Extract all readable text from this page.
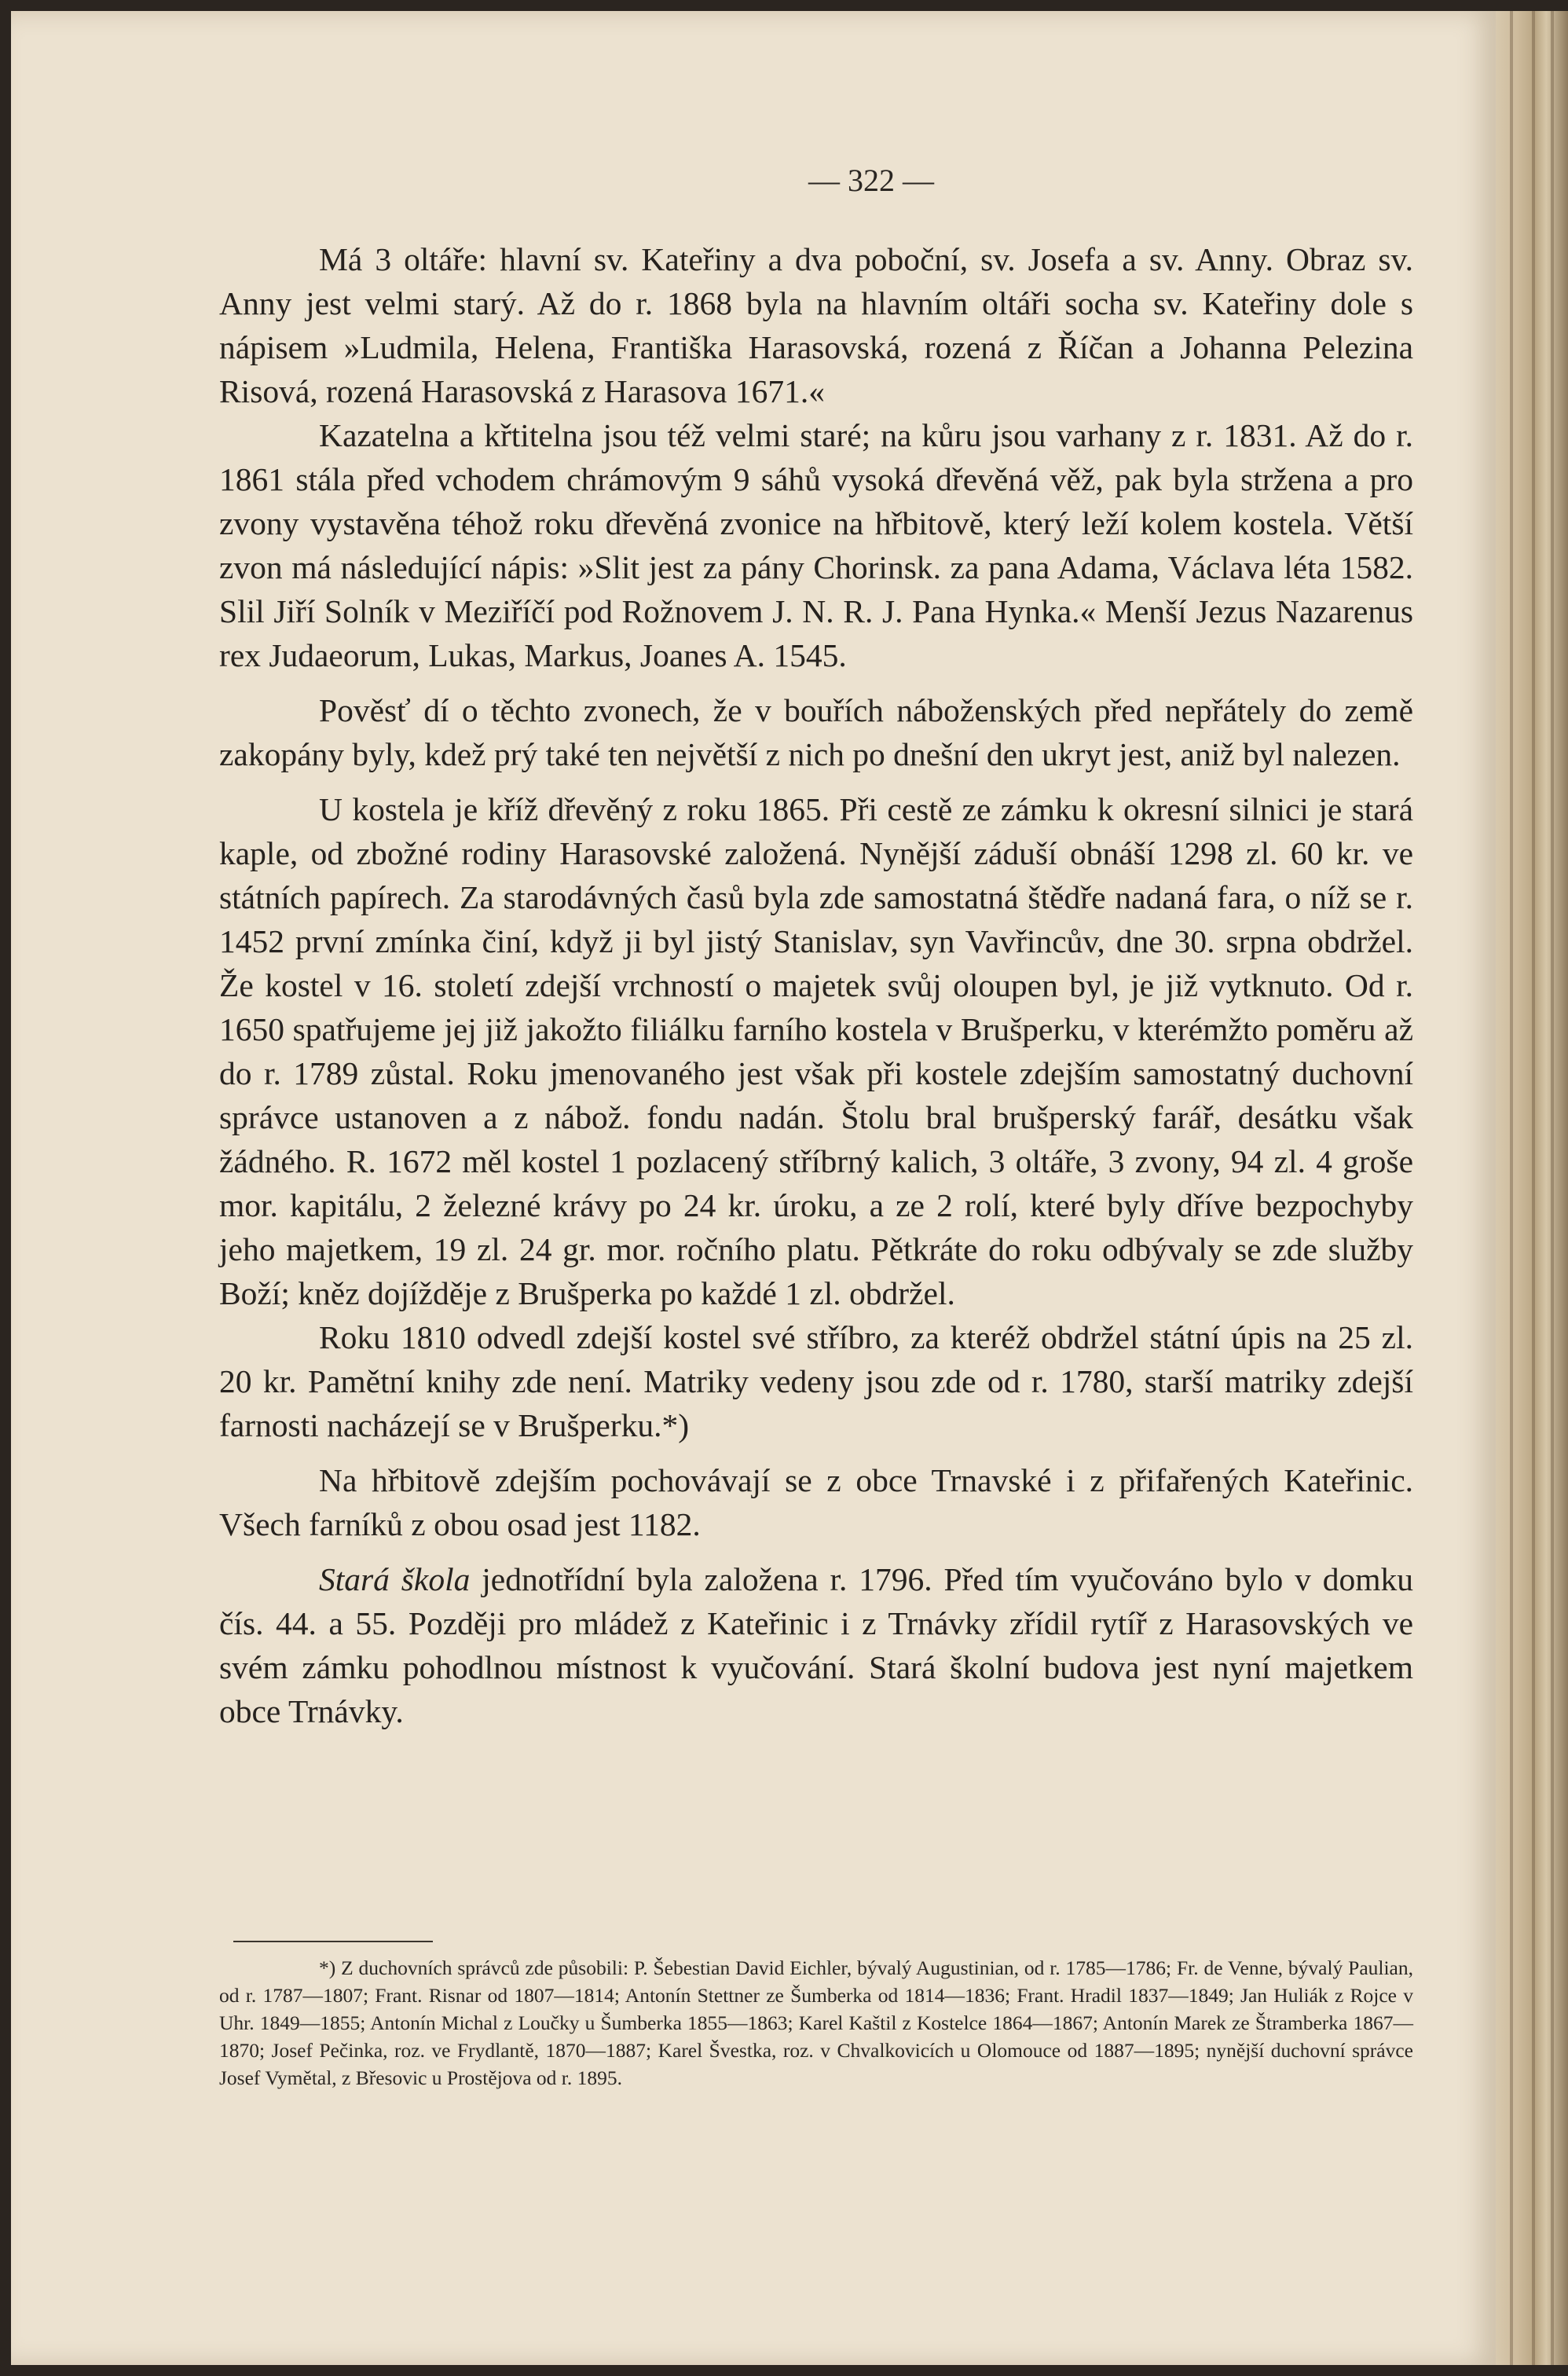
— 322 —

Má 3 oltáře: hlavní sv. Kateřiny a dva poboční, sv. Josefa a sv. Anny. Obraz sv. Anny jest velmi starý. Až do r. 1868 byla na hlavním oltáři socha sv. Kateřiny dole s nápisem »Ludmila, Helena, Františka Harasovská, rozená z Říčan a Johanna Pelezina Risová, rozená Harasovská z Harasova 1671.«

Kazatelna a křtitelna jsou též velmi staré; na kůru jsou varhany z r. 1831. Až do r. 1861 stála před vchodem chrámovým 9 sáhů vysoká dřevěná věž, pak byla stržena a pro zvony vystavěna téhož roku dřevěná zvonice na hřbitově, který leží kolem kostela. Větší zvon má následující nápis: »Slit jest za pány Chorinsk. za pana Adama, Václava léta 1582. Slil Jiří Solník v Meziříčí pod Rožnovem J. N. R. J. Pana Hynka.« Menší Jezus Nazarenus rex Judaeorum, Lukas, Markus, Joanes A. 1545.

Pověsť dí o těchto zvonech, že v bouřích náboženských před nepřátely do země zakopány byly, kdež prý také ten největší z nich po dnešní den ukryt jest, aniž byl nalezen.

U kostela je kříž dřevěný z roku 1865. Při cestě ze zámku k okresní silnici je stará kaple, od zbožné rodiny Harasovské založená. Nynější záduší obnáší 1298 zl. 60 kr. ve státních papírech. Za starodávných časů byla zde samostatná štědře nadaná fara, o níž se r. 1452 první zmínka činí, když ji byl jistý Stanislav, syn Vavřincův, dne 30. srpna obdržel. Že kostel v 16. století zdejší vrchností o majetek svůj oloupen byl, je již vytknuto. Od r. 1650 spatřujeme jej již jakožto filiálku farního kostela v Brušperku, v kterémžto poměru až do r. 1789 zůstal. Roku jmenovaného jest však při kostele zdejším samostatný duchovní správce ustanoven a z nábož. fondu nadán. Štolu bral brušperský farář, desátku však žádného. R. 1672 měl kostel 1 pozlacený stříbrný kalich, 3 oltáře, 3 zvony, 94 zl. 4 groše mor. kapitálu, 2 železné krávy po 24 kr. úroku, a ze 2 rolí, které byly dříve bezpochyby jeho majetkem, 19 zl. 24 gr. mor. ročního platu. Pětkráte do roku odbývaly se zde služby Boží; kněz dojížděje z Brušperka po každé 1 zl. obdržel.

Roku 1810 odvedl zdejší kostel své stříbro, za kteréž obdržel státní úpis na 25 zl. 20 kr. Pamětní knihy zde není. Matriky vedeny jsou zde od r. 1780, starší matriky zdejší farnosti nacházejí se v Brušperku.*)

Na hřbitově zdejším pochovávají se z obce Trnavské i z přifařených Kateřinic. Všech farníků z obou osad jest 1182.

Stará škola jednotřídní byla založena r. 1796. Před tím vyučováno bylo v domku čís. 44. a 55. Později pro mládež z Kateřinic i z Trnávky zřídil rytíř z Harasovských ve svém zámku pohodlnou místnost k vyučování. Stará školní budova jest nyní majetkem obce Trnávky.

*) Z duchovních správců zde působili: P. Šebestian David Eichler, bývalý Augustinian, od r. 1785—1786; Fr. de Venne, bývalý Paulian, od r. 1787—1807; Frant. Risnar od 1807—1814; Antonín Stettner ze Šumberka od 1814—1836; Frant. Hradil 1837—1849; Jan Huliák z Rojce v Uhr. 1849—1855; Antonín Michal z Loučky u Šumberka 1855—1863; Karel Kaštil z Kostelce 1864—1867; Antonín Marek ze Štramberka 1867—1870; Josef Pečinka, roz. ve Frydlantě, 1870—1887; Karel Švestka, roz. v Chvalkovicích u Olomouce od 1887—1895; nynější duchovní správce Josef Vymětal, z Břesovic u Prostějova od r. 1895.
